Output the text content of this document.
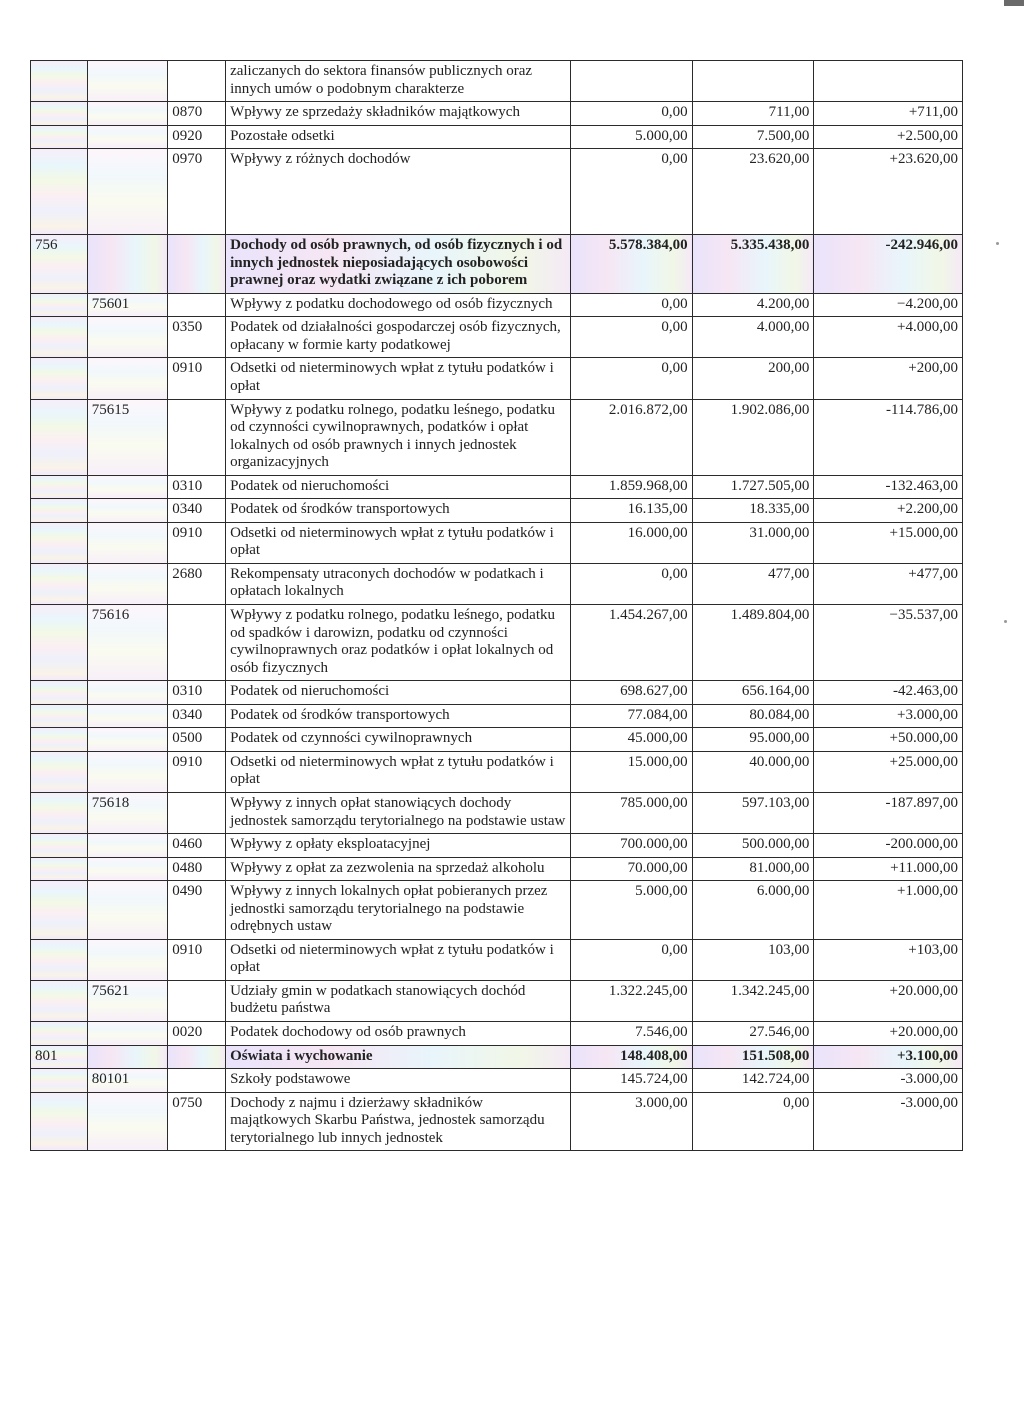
			zaliczanych do sektora finansów publicznych oraz innych umów o podobnym charakterze			
		0870	Wpływy ze sprzedaży składników majątkowych	0,00	711,00	+711,00
		0920	Pozostałe odsetki	5.000,00	7.500,00	+2.500,00
		0970	Wpływy z różnych dochodów	0,00	23.620,00	+23.620,00
756			Dochody od osób prawnych, od osób fizycznych i od innych jednostek nieposiadających osobowości prawnej oraz wydatki związane z ich poborem	5.578.384,00	5.335.438,00	-242.946,00
	75601		Wpływy z podatku dochodowego od osób fizycznych	0,00	4.200,00	−4.200,00
		0350	Podatek od działalności gospodarczej osób fizycznych, opłacany w formie karty podatkowej	0,00	4.000,00	+4.000,00
		0910	Odsetki od nieterminowych wpłat z tytułu podatków i opłat	0,00	200,00	+200,00
	75615		Wpływy z podatku rolnego, podatku leśnego, podatku od czynności cywilnoprawnych, podatków i opłat lokalnych od osób prawnych i innych jednostek organizacyjnych	2.016.872,00	1.902.086,00	-114.786,00
		0310	Podatek od nieruchomości	1.859.968,00	1.727.505,00	-132.463,00
		0340	Podatek od środków transportowych	16.135,00	18.335,00	+2.200,00
		0910	Odsetki od nieterminowych wpłat z tytułu podatków i opłat	16.000,00	31.000,00	+15.000,00
		2680	Rekompensaty utraconych dochodów w podatkach i opłatach lokalnych	0,00	477,00	+477,00
	75616		Wpływy z podatku rolnego, podatku leśnego, podatku od spadków i darowizn, podatku od czynności cywilnoprawnych oraz podatków i opłat lokalnych od osób fizycznych	1.454.267,00	1.489.804,00	−35.537,00
		0310	Podatek od nieruchomości	698.627,00	656.164,00	-42.463,00
		0340	Podatek od środków transportowych	77.084,00	80.084,00	+3.000,00
		0500	Podatek od czynności cywilnoprawnych	45.000,00	95.000,00	+50.000,00
		0910	Odsetki od nieterminowych wpłat z tytułu podatków i opłat	15.000,00	40.000,00	+25.000,00
	75618		Wpływy z innych opłat stanowiących dochody jednostek samorządu terytorialnego na podstawie ustaw	785.000,00	597.103,00	-187.897,00
		0460	Wpływy z opłaty eksploatacyjnej	700.000,00	500.000,00	-200.000,00
		0480	Wpływy z opłat za zezwolenia na sprzedaż alkoholu	70.000,00	81.000,00	+11.000,00
		0490	Wpływy z innych lokalnych opłat pobieranych przez jednostki samorządu terytorialnego na podstawie odrębnych ustaw	5.000,00	6.000,00	+1.000,00
		0910	Odsetki od nieterminowych wpłat z tytułu podatków i opłat	0,00	103,00	+103,00
	75621		Udziały gmin w podatkach stanowiących dochód budżetu państwa	1.322.245,00	1.342.245,00	+20.000,00
		0020	Podatek dochodowy od osób prawnych	7.546,00	27.546,00	+20.000,00
801			Oświata i wychowanie	148.408,00	151.508,00	+3.100,00
	80101		Szkoły podstawowe	145.724,00	142.724,00	-3.000,00
		0750	Dochody z najmu i dzierżawy składników majątkowych Skarbu Państwa, jednostek samorządu terytorialnego lub innych jednostek	3.000,00	0,00	-3.000,00
